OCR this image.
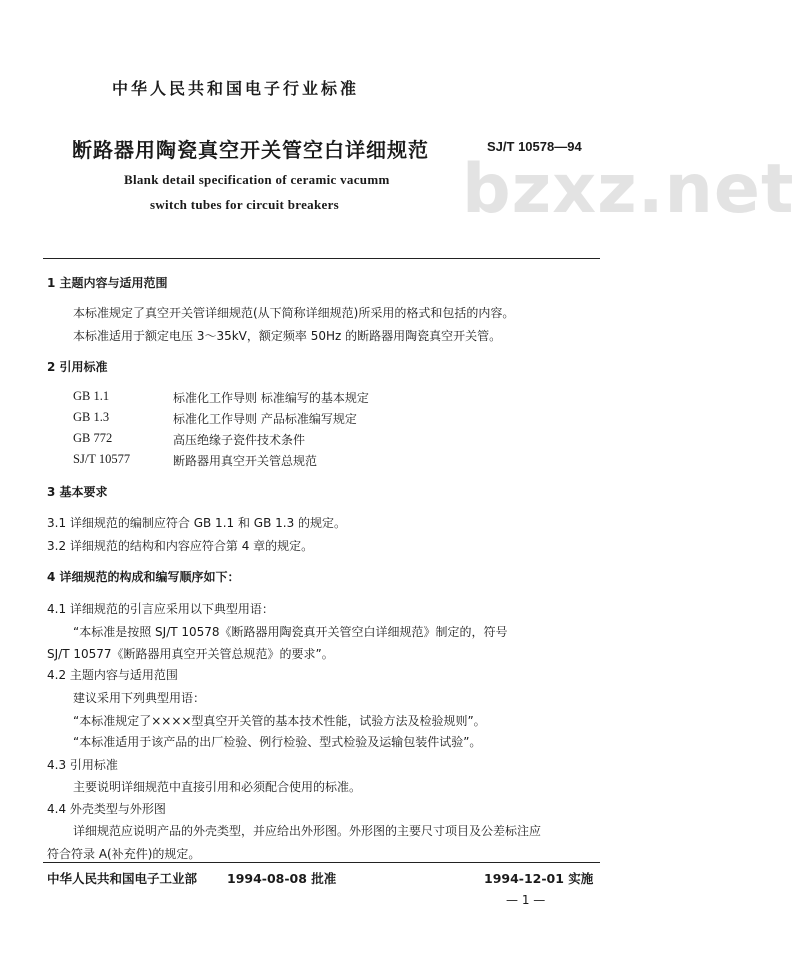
中华人民共和国电子行业标准
bzxz.net
断路器用陶瓷真空开关管空白详细规范	SJ/T 10578—94
Blank detail specification of ceramic vacumm
switch tubes for circuit breakers
1 主题内容与适用范围
本标准规定了真空开关管详细规范(从下简称详细规范)所采用的格式和包括的内容。
本标准适用于额定电压 3～35kV，额定频率 50Hz 的断路器用陶瓷真空开关管。
2 引用标准
GB 1.1	标准化工作导则 标准编写的基本规定
GB 1.3	标准化工作导则 产品标准编写规定
GB 772	高压绝缘子瓷件技术条件
SJ/T 10577	断路器用真空开关管总规范
3 基本要求
3.1 详细规范的编制应符合 GB 1.1 和 GB 1.3 的规定。
3.2 详细规范的结构和内容应符合第 4 章的规定。
4 详细规范的构成和编写顺序如下：
4.1 详细规范的引言应采用以下典型用语：
“本标准是按照 SJ/T 10578《断路器用陶瓷真开关管空白详细规范》制定的，符号
SJ/T 10577《断路器用真空开关管总规范》的要求”。
4.2 主题内容与适用范围
建议采用下列典型用语：
“本标准规定了××××型真空开关管的基本技术性能，试验方法及检验规则”。
“本标准适用于该产品的出厂检验、例行检验、型式检验及运输包装件试验”。
4.3 引用标准
主要说明详细规范中直接引用和必须配合使用的标准。
4.4 外壳类型与外形图
详细规范应说明产品的外壳类型，并应给出外形图。外形图的主要尺寸项目及公差标注应
符合符录 A(补充件)的规定。
中华人民共和国电子工业部 1994-08-08 批准	1994-12-01 实施
— 1 —
